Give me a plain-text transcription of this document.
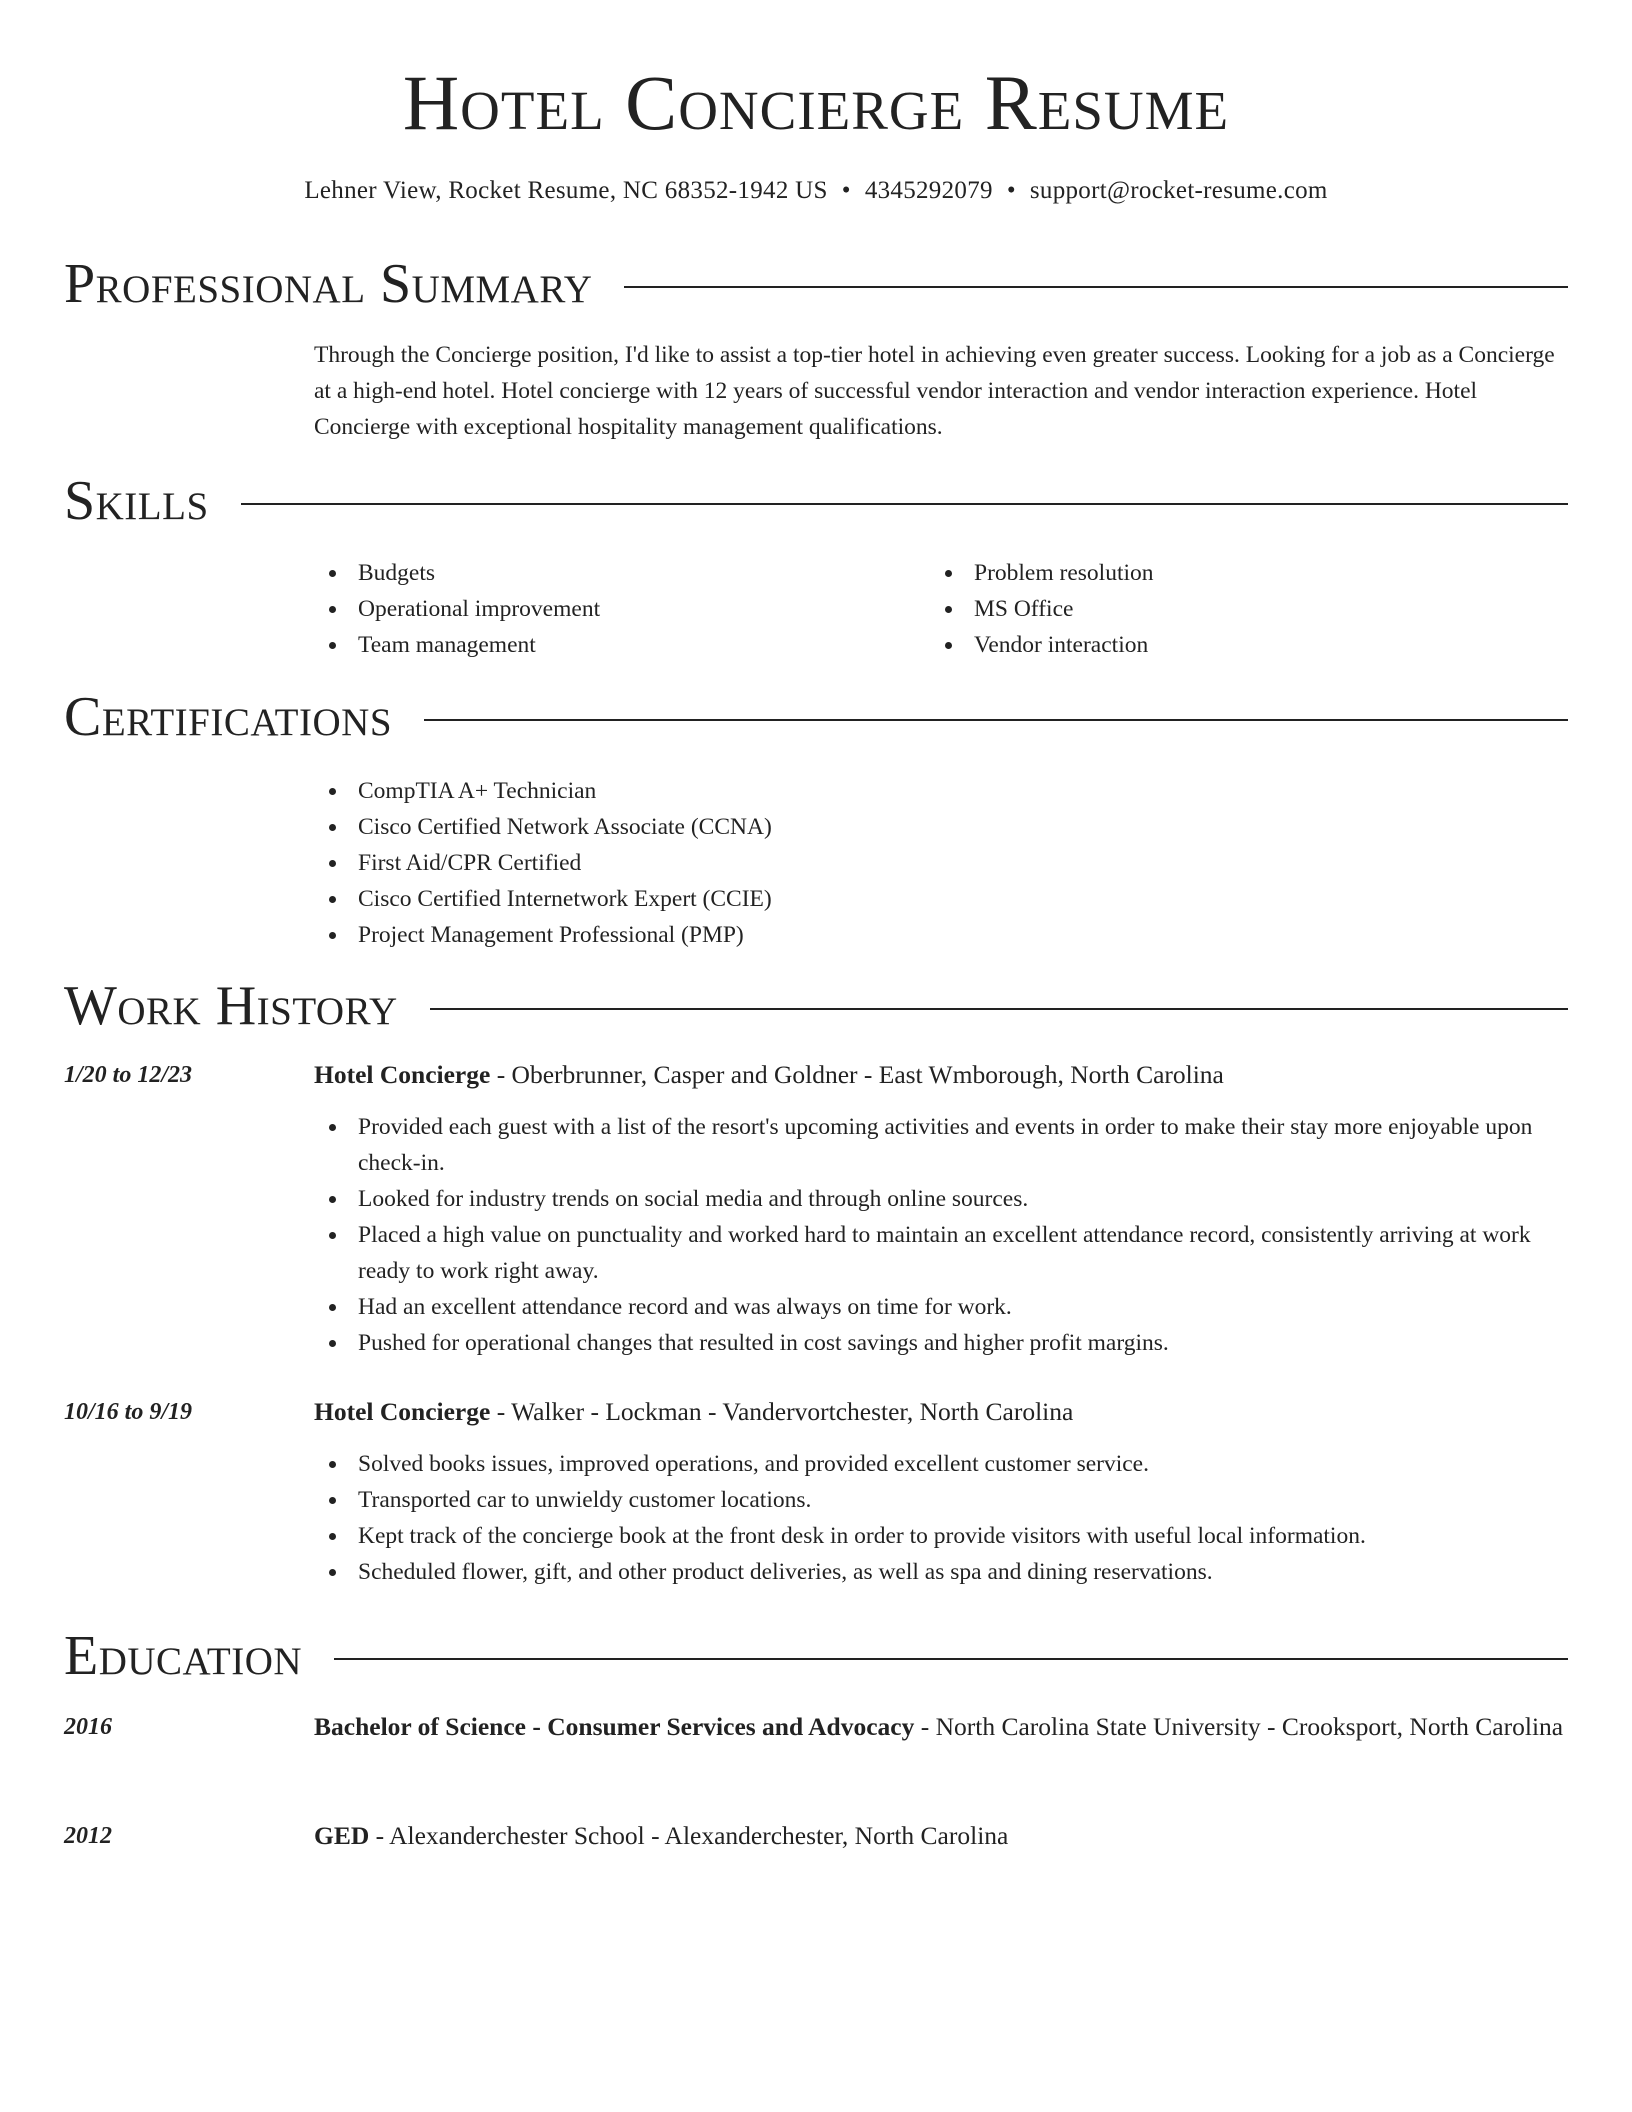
Hotel Concierge Resume
Lehner View, Rocket Resume, NC 68352-1942 US • 4345292079 • support@rocket-resume.com
Professional Summary
Through the Concierge position, I'd like to assist a top-tier hotel in achieving even greater success. Looking for a job as a Concierge at a high-end hotel. Hotel concierge with 12 years of successful vendor interaction and vendor interaction experience. Hotel Concierge with exceptional hospitality management qualifications.
Skills
Budgets
Operational improvement
Team management
Problem resolution
MS Office
Vendor interaction
Certifications
CompTIA A+ Technician
Cisco Certified Network Associate (CCNA)
First Aid/CPR Certified
Cisco Certified Internetwork Expert (CCIE)
Project Management Professional (PMP)
Work History
1/20 to 12/23	Hotel Concierge - Oberbrunner, Casper and Goldner - East Wmborough, North Carolina
Provided each guest with a list of the resort's upcoming activities and events in order to make their stay more enjoyable upon check-in.
Looked for industry trends on social media and through online sources.
Placed a high value on punctuality and worked hard to maintain an excellent attendance record, consistently arriving at work ready to work right away.
Had an excellent attendance record and was always on time for work.
Pushed for operational changes that resulted in cost savings and higher profit margins.
10/16 to 9/19	Hotel Concierge - Walker - Lockman - Vandervortchester, North Carolina
Solved books issues, improved operations, and provided excellent customer service.
Transported car to unwieldy customer locations.
Kept track of the concierge book at the front desk in order to provide visitors with useful local information.
Scheduled flower, gift, and other product deliveries, as well as spa and dining reservations.
Education
2016	Bachelor of Science - Consumer Services and Advocacy - North Carolina State University - Crooksport, North Carolina
2012	GED - Alexanderchester School - Alexanderchester, North Carolina
